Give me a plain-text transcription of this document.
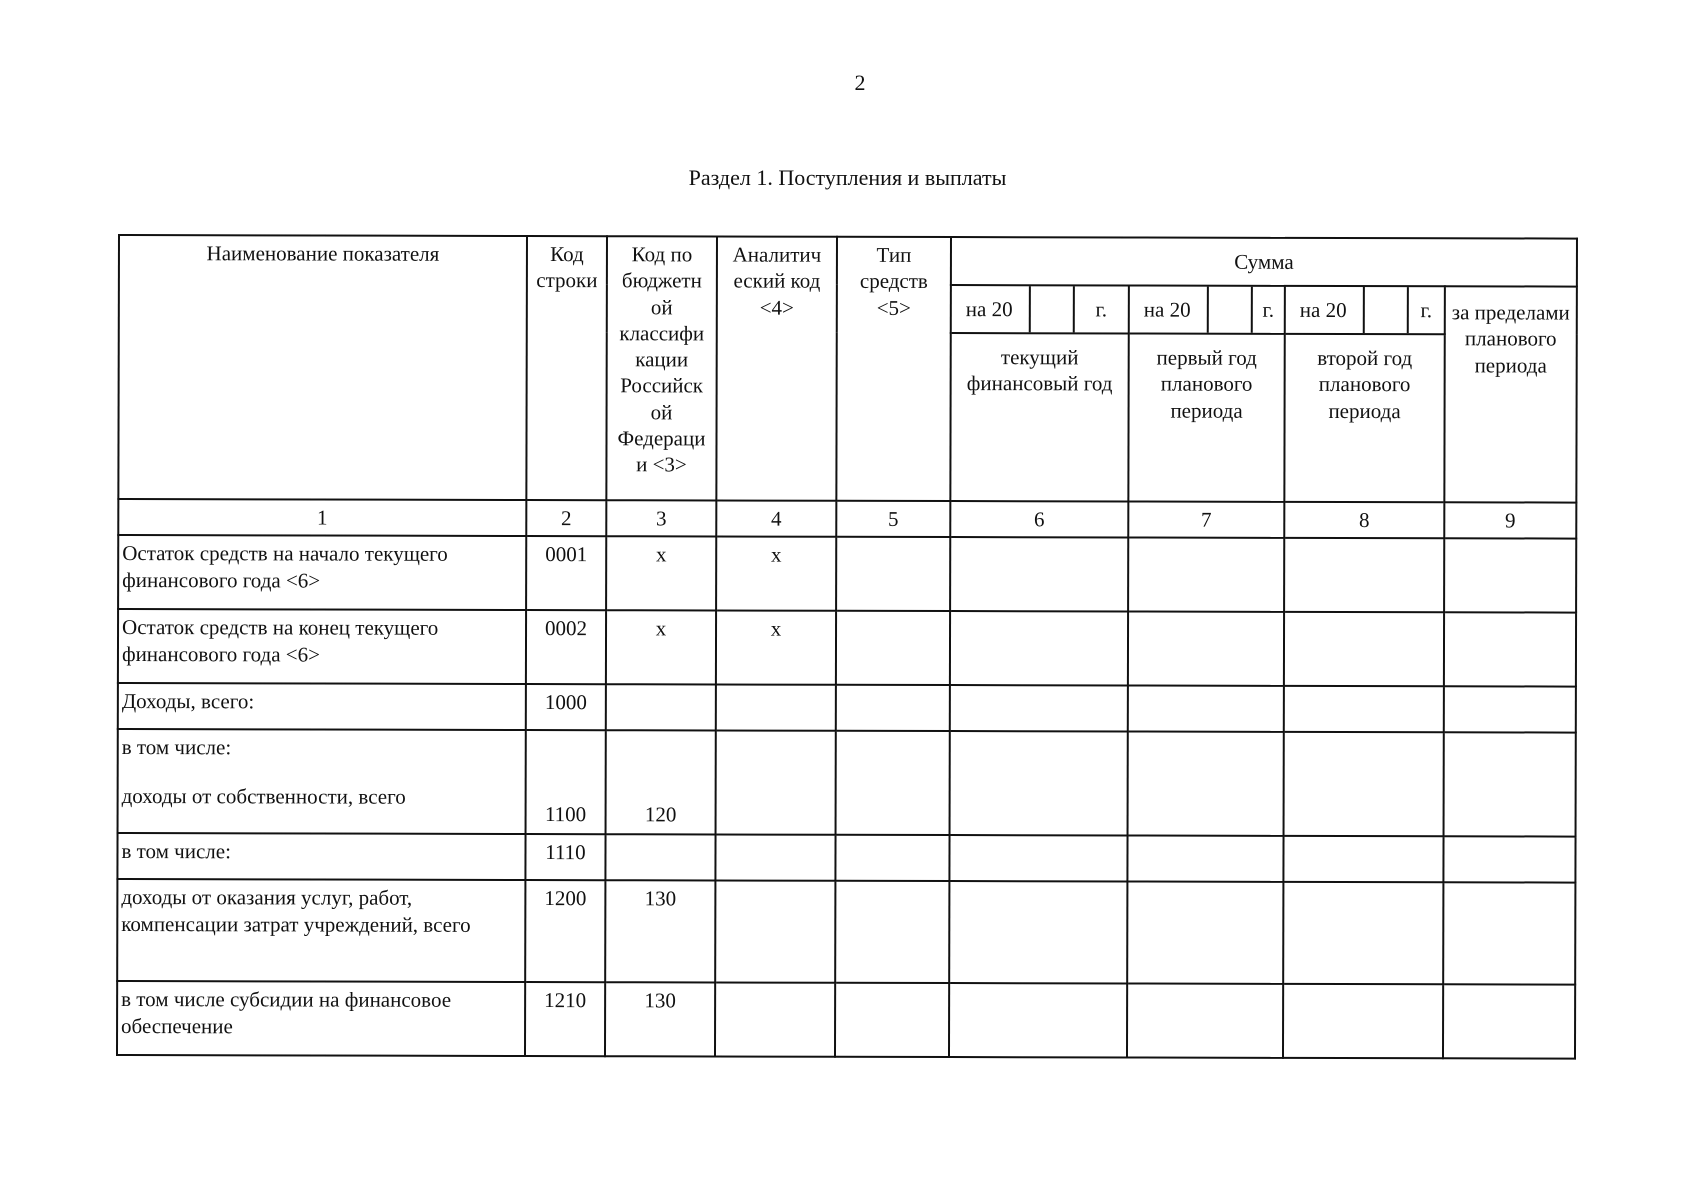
2
Раздел 1. Поступления и выплаты
Наименование показателя	Код строки	Код по бюджетн ой классифи кации Российск ой Федераци и <3>	Аналитич еский код <4>	Тип средств <5>	Сумма			

					на 20 г.	на 20 г.	на 20 г.	за пределами планового периода
					текущий финансовый год	первый год планового периода	второй год планового периода	
1	2	3	4	5	6	7	8	9
Остаток средств на начало текущего финансового года <6>	0001	x	x					
Остаток средств на конец текущего финансового года <6>	0002	x	x					
Доходы, всего:	1000							

в том числе:
доходы от собственности, всего	1100	120						
в том числе:	1110							
доходы от оказания услуг, работ, компенсации затрат учреждений, всего	1200	130						
в том числе субсидии на финансовое обеспечение	1210	130						
